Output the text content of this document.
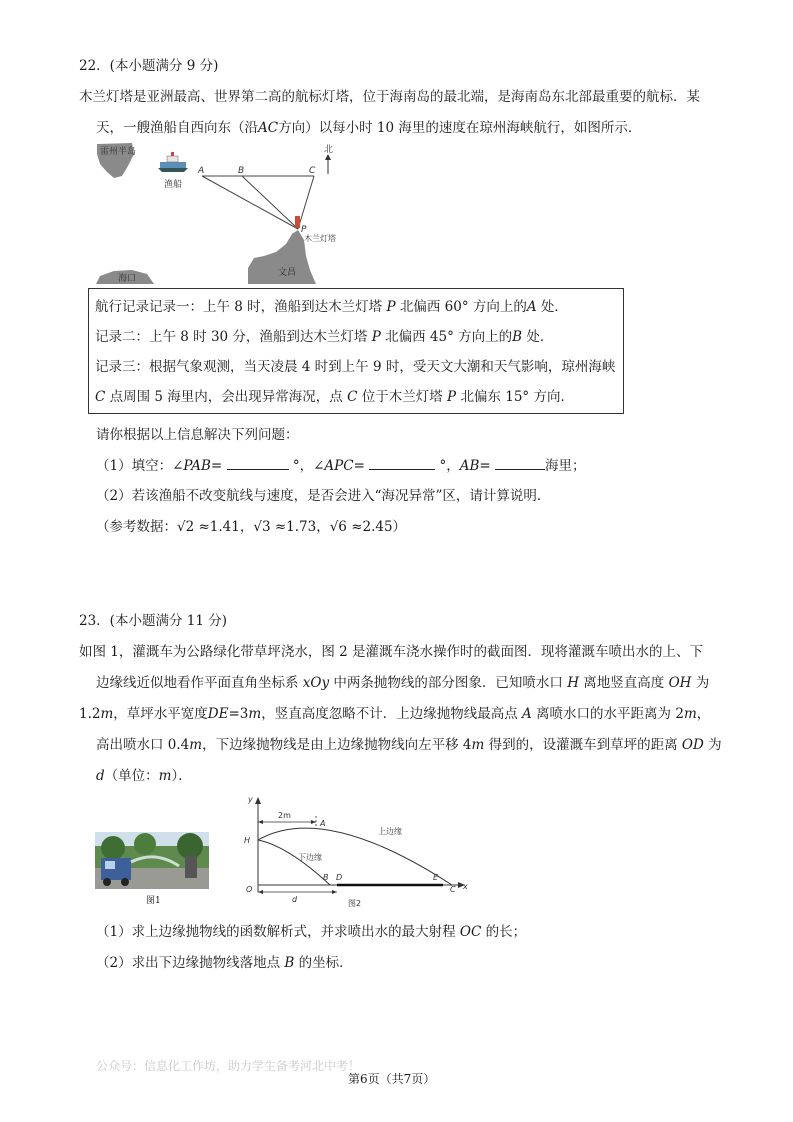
22．(本小题满分 9 分)
木兰灯塔是亚洲最高、世界第二高的航标灯塔，位于海南岛的最北端，是海南岛东北部最重要的航标．某
天，一艘渔船自西向东（沿AC方向）以每小时 10 海里的速度在琼州海峡航行，如图所示．
雷州半岛
渔船
A	B	C
北
P
木兰灯塔
文昌
海口
航行记录记录一：上午 8 时，渔船到达木兰灯塔 P 北偏西 60° 方向上的A 处．
记录二：上午 8 时 30 分，渔船到达木兰灯塔 P 北偏西 45° 方向上的B 处．
记录三：根据气象观测，当天凌晨 4 时到上午 9 时，受天文大潮和天气影响，琼州海峡
C 点周围 5 海里内，会出现异常海况，点 C 位于木兰灯塔 P 北偏东 15° 方向．
请你根据以上信息解决下列问题：
（1）填空：∠PAB=	°，∠APC=	°，AB=	海里；
（2）若该渔船不改变航线与速度，是否会进入“海况异常”区，请计算说明．
（参考数据：√2 ≈1.41，√3 ≈1.73，√6 ≈2.45）
23．(本小题满分 11 分)
如图 1，灌溉车为公路绿化带草坪浇水，图 2 是灌溉车浇水操作时的截面图．现将灌溉车喷出水的上、下
边缘线近似地看作平面直角坐标系 xOy 中两条抛物线的部分图象．已知喷水口 H 离地竖直高度 OH 为
1.2m，草坪水平宽度DE=3m，竖直高度忽略不计．上边缘抛物线最高点 A 离喷水口的水平距离为 2m，
高出喷水口 0.4m，下边缘抛物线是由上边缘抛物线向左平移 4m 得到的，设灌溉车到草坪的距离 OD 为
d（单位：m）．
图1
y
x
2m
A
上边缘
下边缘
H
O
B D	E
C
d	图2
（1）求上边缘抛物线的函数解析式，并求喷出水的最大射程 OC 的长；
（2）求出下边缘抛物线落地点 B 的坐标．
公众号：信息化工作坊，助力学生备考河北中考！
第6页（共7页）
